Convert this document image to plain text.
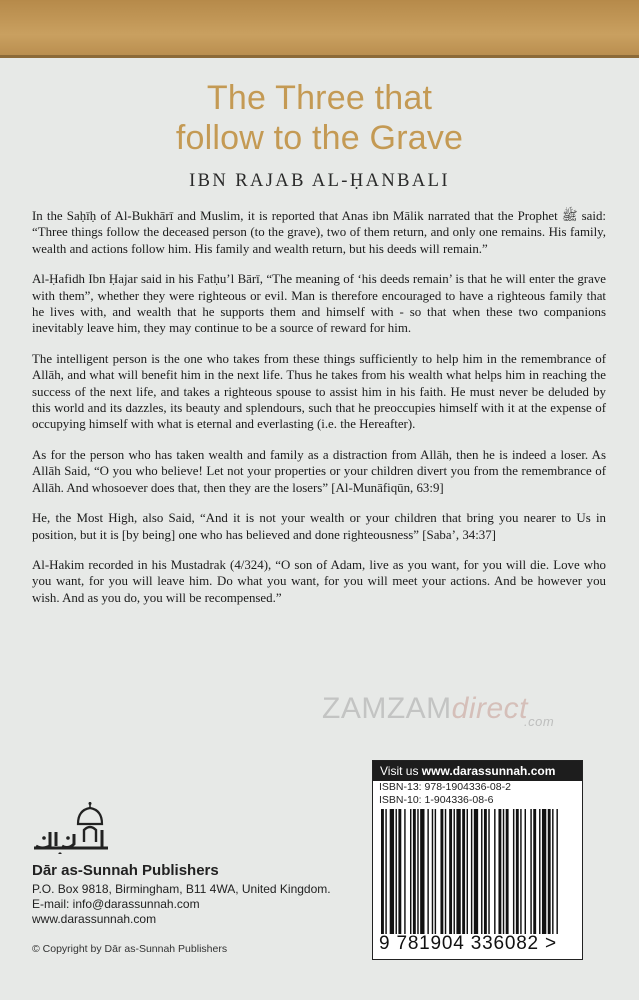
The Three that
follow to the Grave
IBN RAJAB AL-ḤANBALI

In the Saḥīḥ of Al-Bukhārī and Muslim, it is reported that Anas ibn Mālik narrated that the Prophet ﷺ said: “Three things follow the deceased person (to the grave), two of them return, and only one remains. His family, wealth and actions follow him. His family and wealth return, but his deeds will remain.”

Al-Ḥafidh Ibn Ḥajar said in his Fatḥu’l Bārī, “The meaning of ‘his deeds remain’ is that he will enter the grave with them”, whether they were righteous or evil. Man is therefore encouraged to have a righteous family that he lives with, and wealth that he supports them and himself with - so that when these two companions inevitably leave him, they may continue to be a source of reward for him.

The intelligent person is the one who takes from these things sufficiently to help him in the remembrance of Allāh, and what will benefit him in the next life. Thus he takes from his wealth what helps him in reaching the success of the next life, and takes a righteous spouse to assist him in his faith. He must never be deluded by this world and its dazzles, its beauty and splendours, such that he preoccupies himself with it at the expense of occupying himself with what is eternal and everlasting (i.e. the Hereafter).

As for the person who has taken wealth and family as a distraction from Allāh, then he is indeed a loser. As Allāh Said, “O you who believe! Let not your properties or your children divert you from the remembrance of Allāh. And whosoever does that, then they are the losers” [Al-Munāfiqūn, 63:9]

He, the Most High, also Said, “And it is not your wealth or your children that bring you nearer to Us in position, but it is [by being] one who has believed and done righteousness” [Saba’, 34:37]

Al-Hakim recorded in his Mustadrak (4/324), “O son of Adam, live as you want, for you will die. Love who you want, for you will leave him. Do what you want, for you will meet your actions. And be however you wish. And as you do, you will be recompensed.”

ZAMZAMdirect
.com
Visit us www.darassunnah.com
ISBN-13: 978-1904336-08-2
ISBN-10: 1-904336-08-6
9 781904 336082 >
Dār as-Sunnah Publishers
P.O. Box 9818, Birmingham, B11 4WA, United Kingdom.
E-mail: info@darassunnah.com
www.darassunnah.com
© Copyright by Dār as-Sunnah Publishers
